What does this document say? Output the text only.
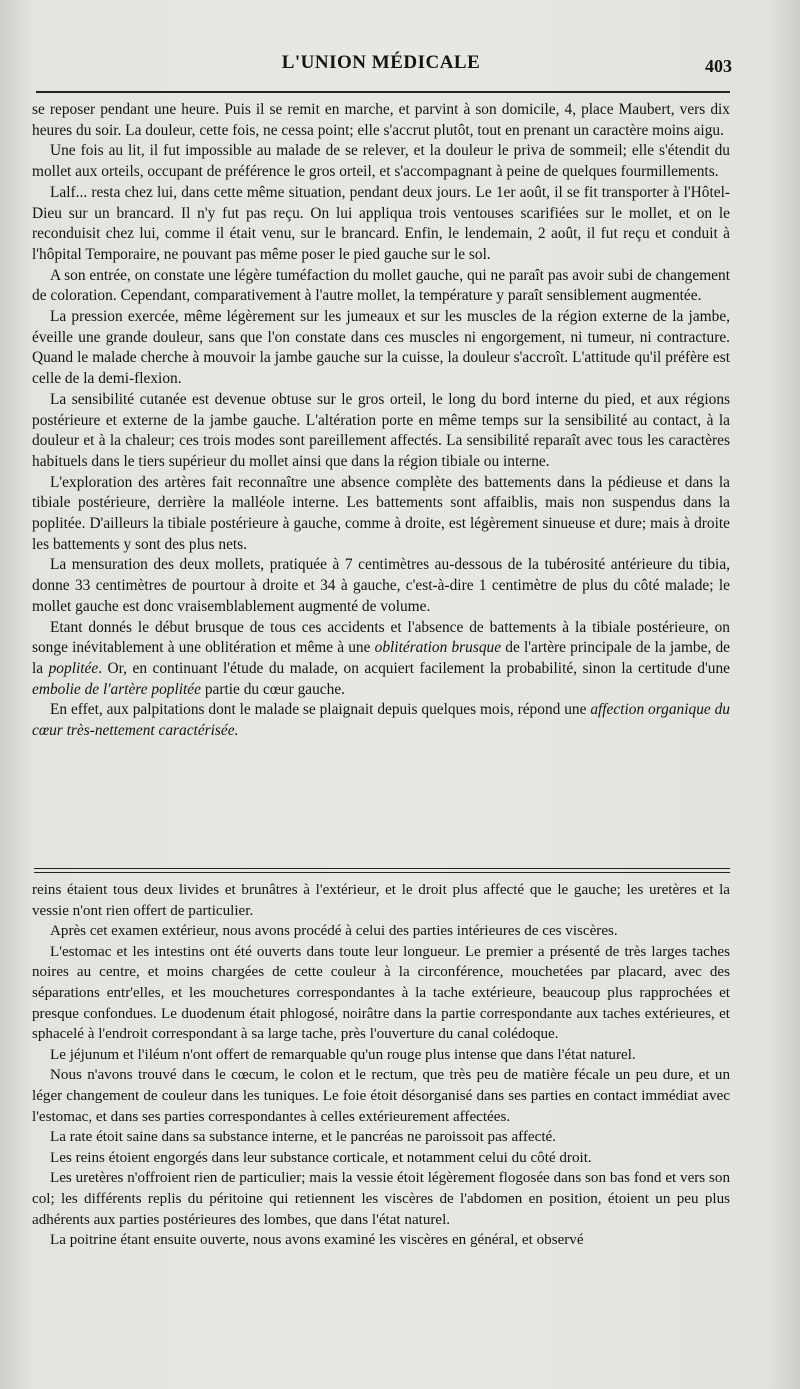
L'UNION MÉDICALE	403

se reposer pendant une heure. Puis il se remit en marche, et parvint à son domicile, 4, place Maubert, vers dix heures du soir. La douleur, cette fois, ne cessa point; elle s'accrut plutôt, tout en prenant un caractère moins aigu.

Une fois au lit, il fut impossible au malade de se relever, et la douleur le priva de sommeil; elle s'étendit du mollet aux orteils, occupant de préférence le gros orteil, et s'accompagnant à peine de quelques fourmillements.

Lalf... resta chez lui, dans cette même situation, pendant deux jours. Le 1er août, il se fit transporter à l'Hôtel-Dieu sur un brancard. Il n'y fut pas reçu. On lui appliqua trois ventouses scarifiées sur le mollet, et on le reconduisit chez lui, comme il était venu, sur le brancard. Enfin, le lendemain, 2 août, il fut reçu et conduit à l'hôpital Temporaire, ne pouvant pas même poser le pied gauche sur le sol.

A son entrée, on constate une légère tuméfaction du mollet gauche, qui ne paraît pas avoir subi de changement de coloration. Cependant, comparativement à l'autre mollet, la température y paraît sensiblement augmentée.

La pression exercée, même légèrement sur les jumeaux et sur les muscles de la région externe de la jambe, éveille une grande douleur, sans que l'on constate dans ces muscles ni engorgement, ni tumeur, ni contracture. Quand le malade cherche à mouvoir la jambe gauche sur la cuisse, la douleur s'accroît. L'attitude qu'il préfère est celle de la demi-flexion.

La sensibilité cutanée est devenue obtuse sur le gros orteil, le long du bord interne du pied, et aux régions postérieure et externe de la jambe gauche. L'altération porte en même temps sur la sensibilité au contact, à la douleur et à la chaleur; ces trois modes sont pareillement affectés. La sensibilité reparaît avec tous les caractères habituels dans le tiers supérieur du mollet ainsi que dans la région tibiale ou interne.

L'exploration des artères fait reconnaître une absence complète des battements dans la pédieuse et dans la tibiale postérieure, derrière la malléole interne. Les battements sont affaiblis, mais non suspendus dans la poplitée. D'ailleurs la tibiale postérieure à gauche, comme à droite, est légèrement sinueuse et dure; mais à droite les battements y sont des plus nets.

La mensuration des deux mollets, pratiquée à 7 centimètres au-dessous de la tubérosité antérieure du tibia, donne 33 centimètres de pourtour à droite et 34 à gauche, c'est-à-dire 1 centimètre de plus du côté malade; le mollet gauche est donc vraisemblablement augmenté de volume.

Etant donnés le début brusque de tous ces accidents et l'absence de battements à la tibiale postérieure, on songe inévitablement à une oblitération et même à une oblitération brusque de l'artère principale de la jambe, de la poplitée. Or, en continuant l'étude du malade, on acquiert facilement la probabilité, sinon la certitude d'une embolie de l'artère poplitée partie du cœur gauche.

En effet, aux palpitations dont le malade se plaignait depuis quelques mois, répond une affection organique du cœur très-nettement caractérisée.

reins étaient tous deux livides et brunâtres à l'extérieur, et le droit plus affecté que le gauche; les uretères et la vessie n'ont rien offert de particulier.

Après cet examen extérieur, nous avons procédé à celui des parties intérieures de ces viscères.

L'estomac et les intestins ont été ouverts dans toute leur longueur. Le premier a présenté de très larges taches noires au centre, et moins chargées de cette couleur à la circonférence, mouchetées par placard, avec des séparations entr'elles, et les mouchetures correspondantes à la tache extérieure, beaucoup plus rapprochées et presque confondues. Le duodenum était phlogosé, noirâtre dans la partie correspondante aux taches extérieures, et sphacelé à l'endroit correspondant à sa large tache, près l'ouverture du canal colédoque.

Le jéjunum et l'iléum n'ont offert de remarquable qu'un rouge plus intense que dans l'état naturel.

Nous n'avons trouvé dans le cœcum, le colon et le rectum, que très peu de matière fécale un peu dure, et un léger changement de couleur dans les tuniques. Le foie étoit désorganisé dans ses parties en contact immédiat avec l'estomac, et dans ses parties correspondantes à celles extérieurement affectées.

La rate étoit saine dans sa substance interne, et le pancréas ne paroissoit pas affecté.

Les reins étoient engorgés dans leur substance corticale, et notamment celui du côté droit.

Les uretères n'offroient rien de particulier; mais la vessie étoit légèrement flogosée dans son bas fond et vers son col; les différents replis du péritoine qui retiennent les viscères de l'abdomen en position, étoient un peu plus adhérents aux parties postérieures des lombes, que dans l'état naturel.

La poitrine étant ensuite ouverte, nous avons examiné les viscères en général, et observé
